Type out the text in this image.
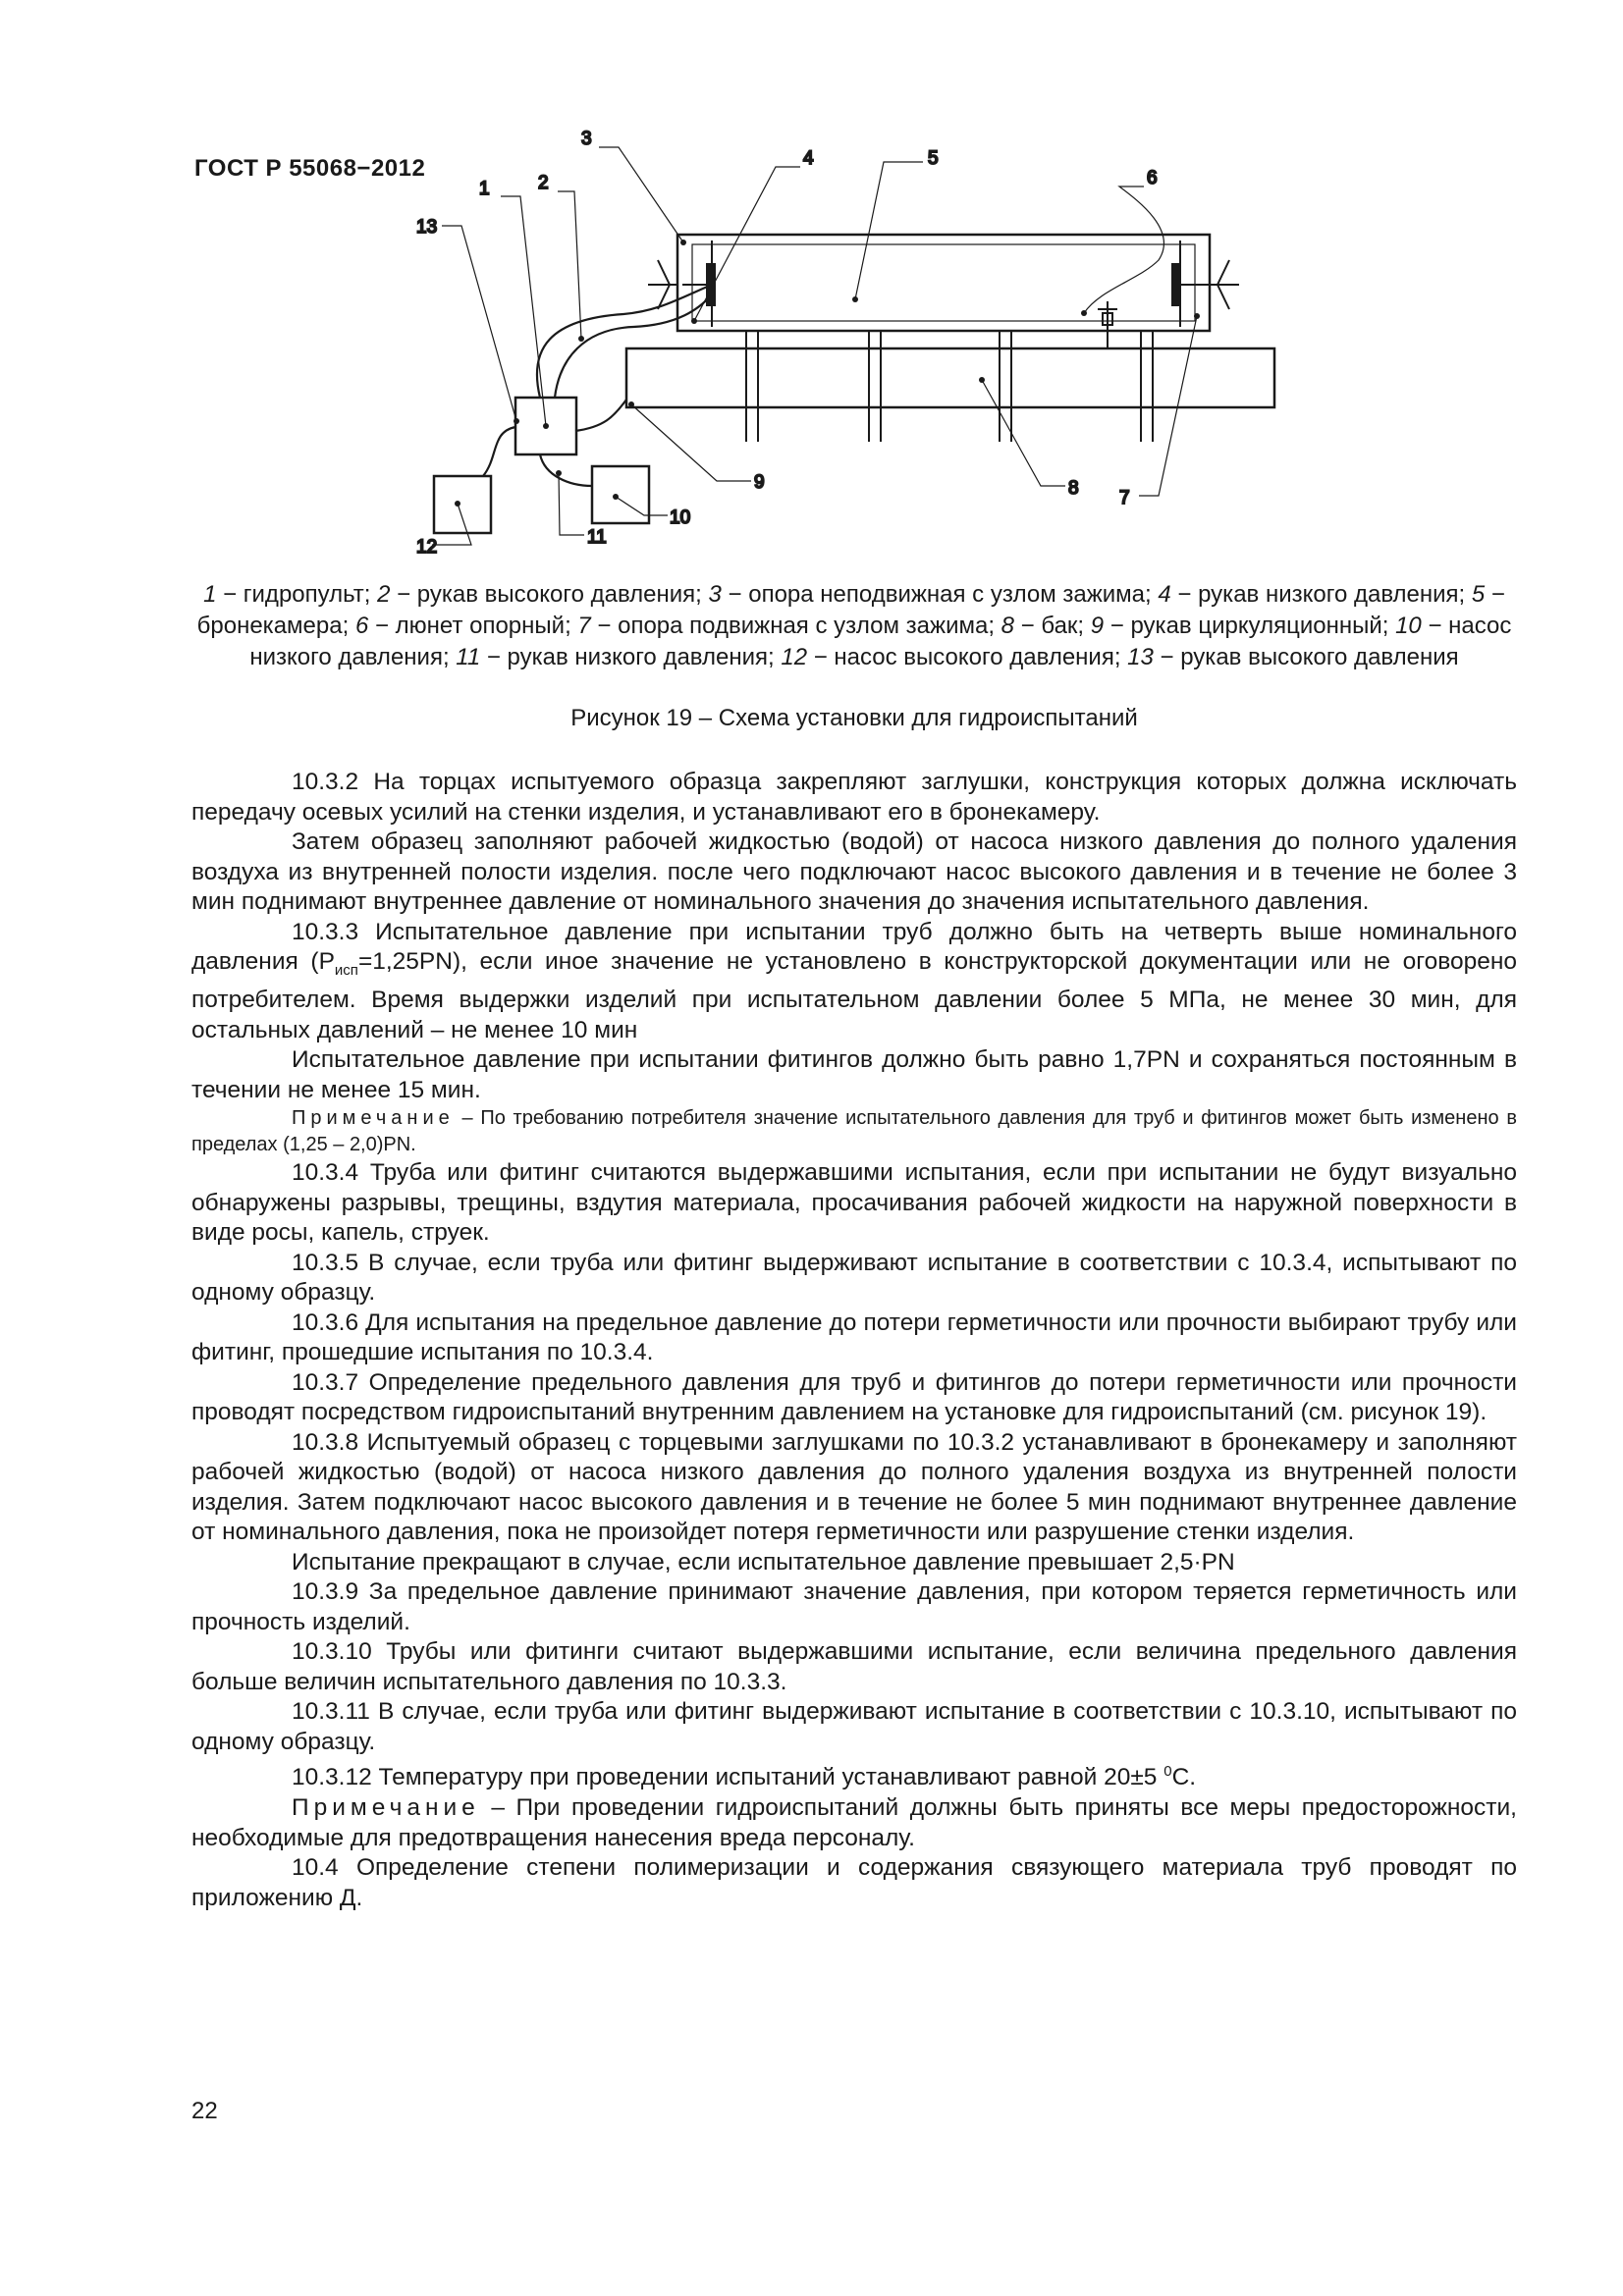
ГОСТ Р 55068−2012
1	2
3
4	5
6
7
8
9
10
11
12
13
1 − гидропульт; 2 − рукав высокого давления; 3 − опора неподвижная с узлом зажима; 4 − рукав низкого давления; 5 − бронекамера; 6 − люнет опорный; 7 − опора подвижная с узлом зажима; 8 − бак; 9 − рукав циркуляционный; 10 − насос низкого давления; 11 − рукав низкого давления; 12 − насос высокого давления; 13 − рукав высокого давления
Рисунок 19 – Схема установки для гидроиспытаний

10.3.2 На торцах испытуемого образца закрепляют заглушки, конструкция которых должна исключать передачу осевых усилий на стенки изделия, и устанавливают его в бронекамеру.

Затем образец заполняют рабочей жидкостью (водой) от насоса низкого давления до полного удаления воздуха из внутренней полости изделия. после чего подключают насос высокого давления и в течение не более 3 мин поднимают внутреннее давление от номинального значения до значения испытательного давления.

10.3.3 Испытательное давление при испытании труб должно быть на четверть выше номинального давления $(P_{исп}=1,25PN)$, если иное значение не установлено в конструкторской документации или не оговорено потребителем. Время выдержки изделий при испытательном давлении более 5 МПа, не менее 30 мин, для остальных давлений – не менее 10 мин

Испытательное давление при испытании фитингов должно быть равно 1,7PN и сохраняться постоянным в течении не менее 15 мин.

Примечание – По требованию потребителя значение испытательного давления для труб и фитингов может быть изменено в пределах (1,25 – 2,0)PN.

10.3.4 Труба или фитинг считаются выдержавшими испытания, если при испытании не будут визуально обнаружены разрывы, трещины, вздутия материала, просачивания рабочей жидкости на наружной поверхности в виде росы, капель, струек.

10.3.5 В случае, если труба или фитинг выдерживают испытание в соответствии с 10.3.4, испытывают по одному образцу.

10.3.6 Для испытания на предельное давление до потери герметичности или прочности выбирают трубу или фитинг, прошедшие испытания по 10.3.4.

10.3.7 Определение предельного давления для труб и фитингов до потери герметичности или прочности проводят посредством гидроиспытаний внутренним давлением на установке для гидроиспытаний (см. рисунок 19).

10.3.8 Испытуемый образец с торцевыми заглушками по 10.3.2 устанавливают в бронекамеру и заполняют рабочей жидкостью (водой) от насоса низкого давления до полного удаления воздуха из внутренней полости изделия. Затем подключают насос высокого давления и в течение не более 5 мин поднимают внутреннее давление от номинального давления, пока не произойдет потеря герметичности или разрушение стенки изделия.

Испытание прекращают в случае, если испытательное давление превышает 2,5·PN

10.3.9 За предельное давление принимают значение давления, при котором теряется герметичность или прочность изделий.

10.3.10 Трубы или фитинги считают выдержавшими испытание, если величина предельного давления больше величин испытательного давления по 10.3.3.

10.3.11 В случае, если труба или фитинг выдерживают испытание в соответствии с 10.3.10, испытывают по одному образцу.

10.3.12 Температуру при проведении испытаний устанавливают равной 20±5 $^0$С.

Примечание – При проведении гидроиспытаний должны быть приняты все меры предосторожности, необходимые для предотвращения нанесения вреда персоналу.

10.4 Определение степени полимеризации и содержания связующего материала труб проводят по приложению Д.

22
